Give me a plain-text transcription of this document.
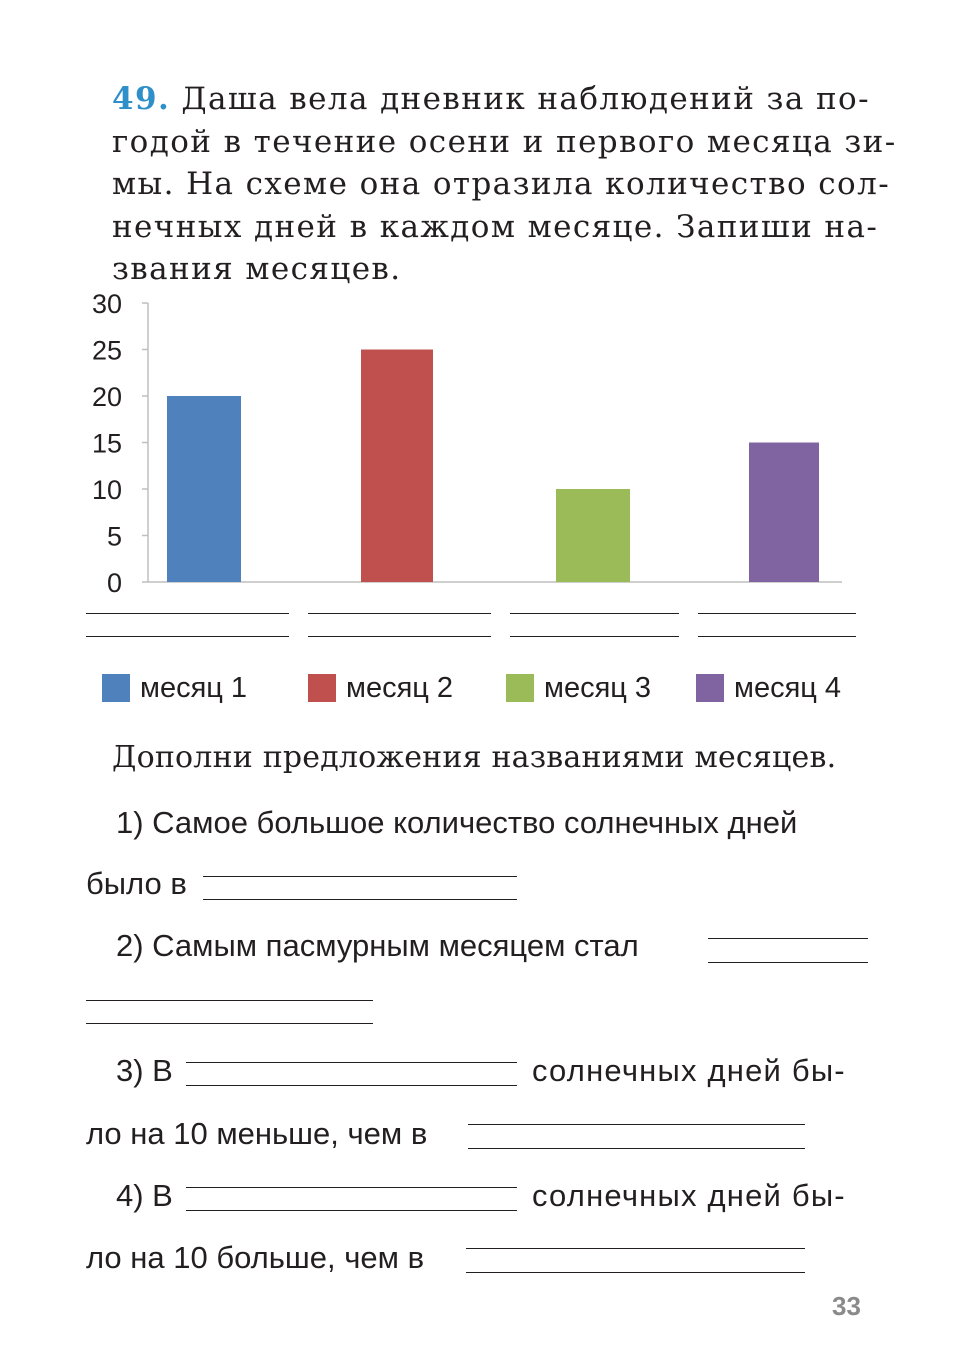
49. Даша вела дневник наблюдений за по-
годой в течение осени и первого месяца зи-
мы. На схеме она отразила количество сол-
нечных дней в каждом месяце. Запиши на-
звания месяцев.
0
5
10
15
20
25
30
месяц 1	месяц 2	месяц 3	месяц 4
Дополни предложения названиями месяцев.
1) Самое большое количество солнечных дней
было в
2) Самым пасмурным месяцем стал
3) В	солнечных дней бы-
ло на 10 меньше, чем в
4) В	солнечных дней бы-
ло на 10 больше, чем в
33
